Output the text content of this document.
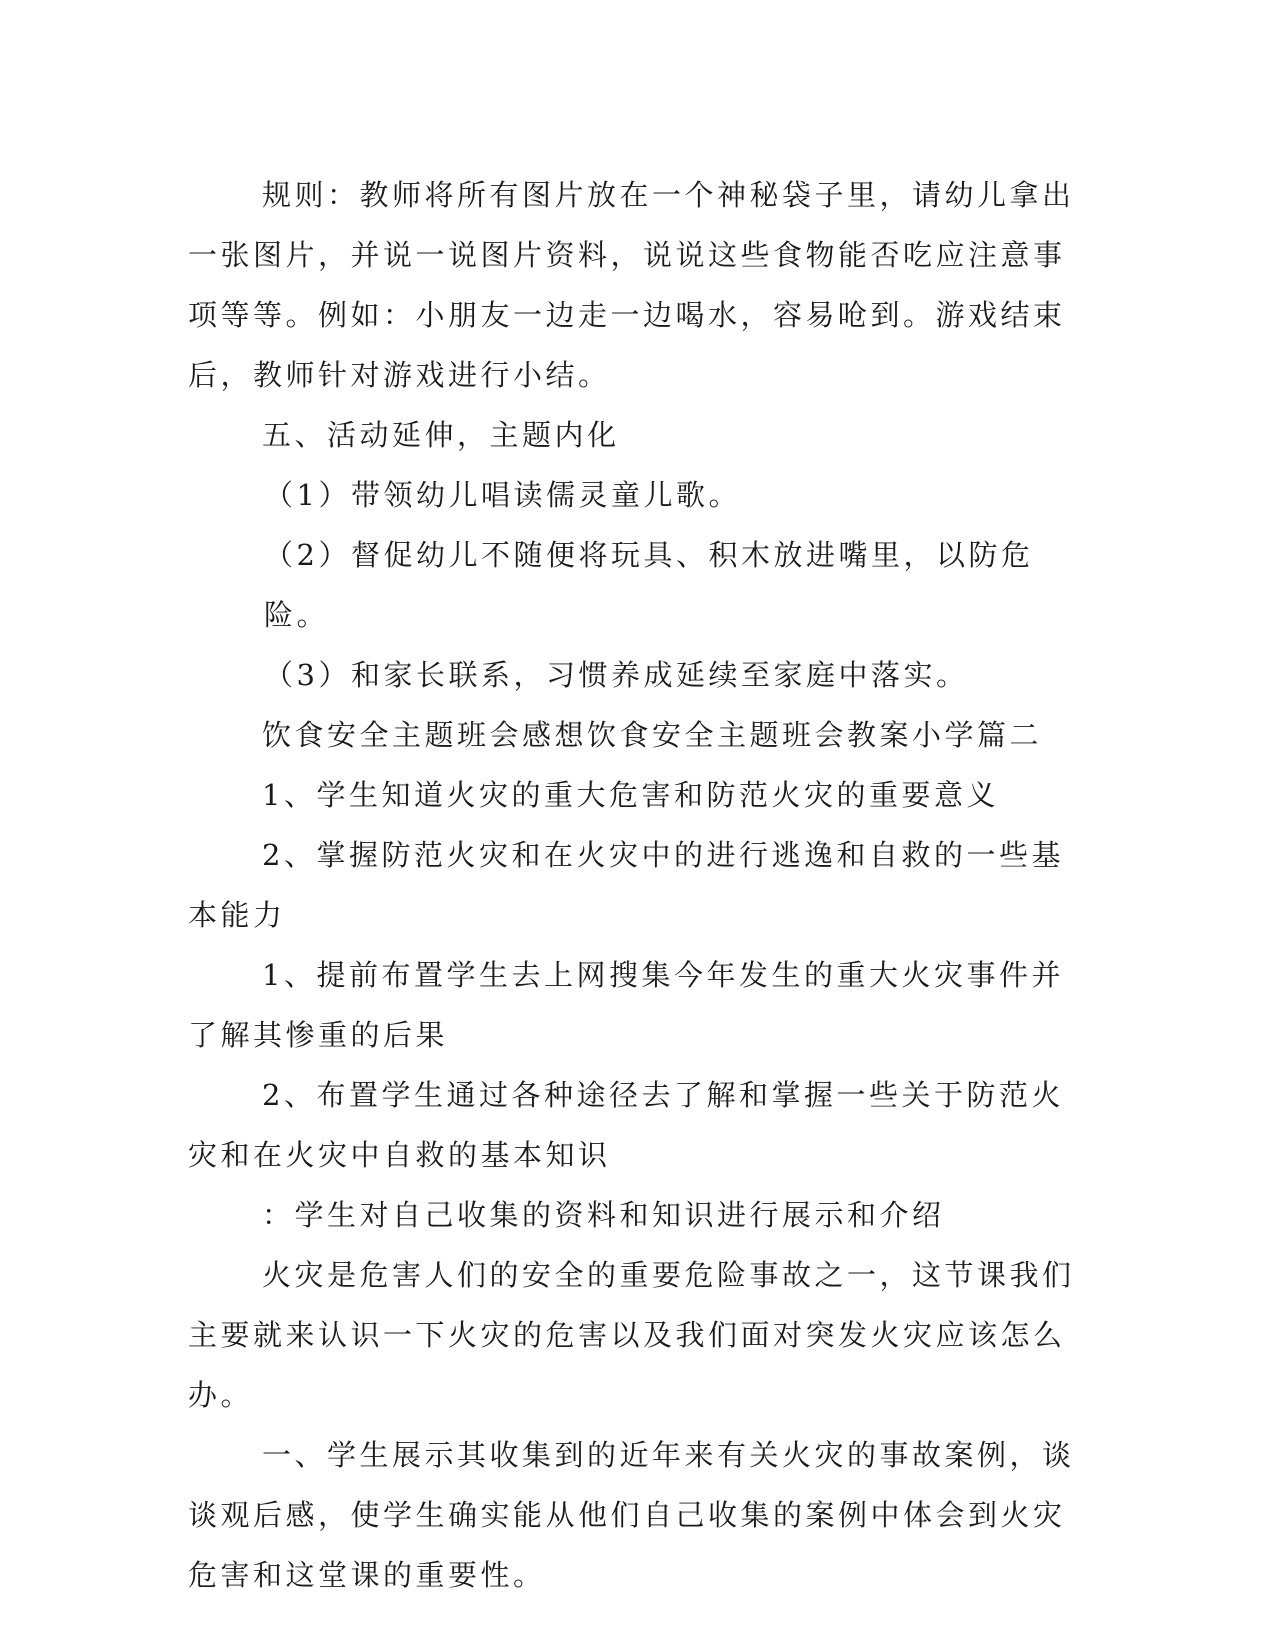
规则：教师将所有图片放在一个神秘袋子里，请幼儿拿出一张图片，并说一说图片资料，说说这些食物能否吃应注意事项等等。例如：小朋友一边走一边喝水，容易呛到。游戏结束后，教师针对游戏进行小结。

五、活动延伸，主题内化

（1）带领幼儿唱读儒灵童儿歌。

（2）督促幼儿不随便将玩具、积木放进嘴里，以防危险。

（3）和家长联系，习惯养成延续至家庭中落实。

饮食安全主题班会感想饮食安全主题班会教案小学篇二

1、学生知道火灾的重大危害和防范火灾的重要意义

2、掌握防范火灾和在火灾中的进行逃逸和自救的一些基本能力

1、提前布置学生去上网搜集今年发生的重大火灾事件并了解其惨重的后果

2、布置学生通过各种途径去了解和掌握一些关于防范火灾和在火灾中自救的基本知识

：学生对自己收集的资料和知识进行展示和介绍

火灾是危害人们的安全的重要危险事故之一，这节课我们主要就来认识一下火灾的危害以及我们面对突发火灾应该怎么办。

一、学生展示其收集到的近年来有关火灾的事故案例，谈谈观后感，使学生确实能从他们自己收集的案例中体会到火灾危害和这堂课的重要性。
